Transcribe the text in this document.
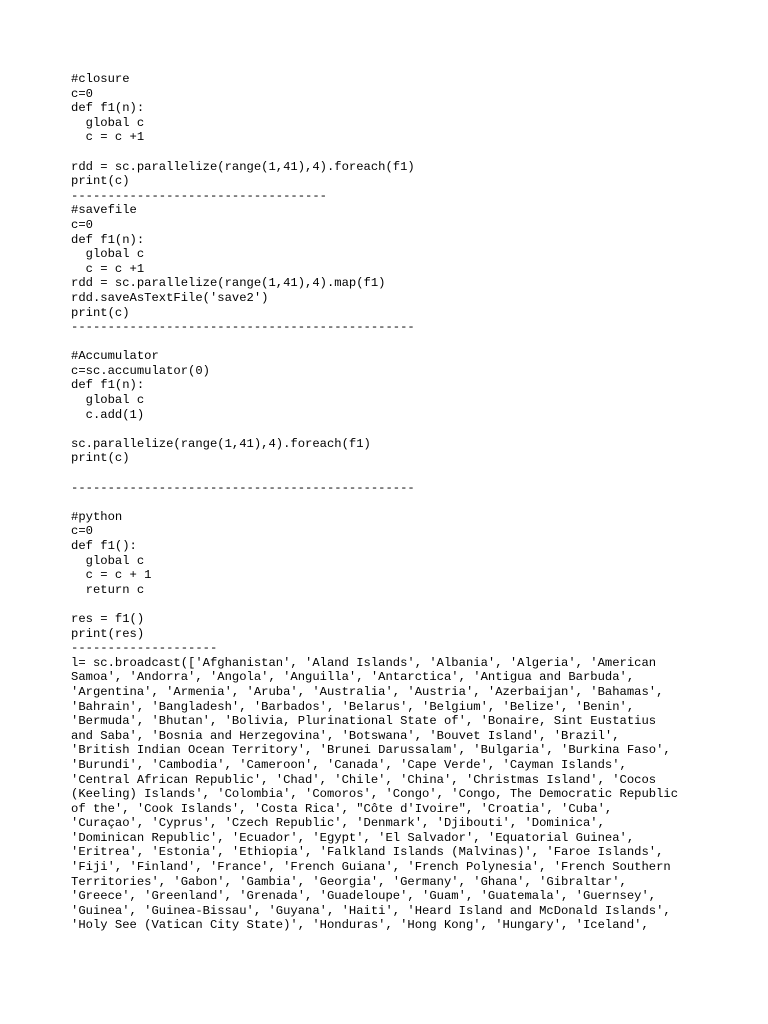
#closure
c=0
def f1(n):
global c
c = c +1
rdd = sc.parallelize(range(1,41),4).foreach(f1)
print(c)
-----------------------------------
#savefile
c=0
def f1(n):
global c
c = c +1
rdd = sc.parallelize(range(1,41),4).map(f1)
rdd.saveAsTextFile('save2')
print(c)
-----------------------------------------------
#Accumulator
c=sc.accumulator(0)
def f1(n):
global c
c.add(1)
sc.parallelize(range(1,41),4).foreach(f1)
print(c)
-----------------------------------------------
#python
c=0
def f1():
global c
c = c + 1
return c
res = f1()
print(res)
--------------------
l= sc.broadcast(['Afghanistan', 'Aland Islands', 'Albania', 'Algeria', 'American
Samoa', 'Andorra', 'Angola', 'Anguilla', 'Antarctica', 'Antigua and Barbuda',
'Argentina', 'Armenia', 'Aruba', 'Australia', 'Austria', 'Azerbaijan', 'Bahamas',
'Bahrain', 'Bangladesh', 'Barbados', 'Belarus', 'Belgium', 'Belize', 'Benin',
'Bermuda', 'Bhutan', 'Bolivia, Plurinational State of', 'Bonaire, Sint Eustatius
and Saba', 'Bosnia and Herzegovina', 'Botswana', 'Bouvet Island', 'Brazil',
'British Indian Ocean Territory', 'Brunei Darussalam', 'Bulgaria', 'Burkina Faso',
'Burundi', 'Cambodia', 'Cameroon', 'Canada', 'Cape Verde', 'Cayman Islands',
'Central African Republic', 'Chad', 'Chile', 'China', 'Christmas Island', 'Cocos
(Keeling) Islands', 'Colombia', 'Comoros', 'Congo', 'Congo, The Democratic Republic
of the', 'Cook Islands', 'Costa Rica', "Côte d'Ivoire", 'Croatia', 'Cuba',
'Curaçao', 'Cyprus', 'Czech Republic', 'Denmark', 'Djibouti', 'Dominica',
'Dominican Republic', 'Ecuador', 'Egypt', 'El Salvador', 'Equatorial Guinea',
'Eritrea', 'Estonia', 'Ethiopia', 'Falkland Islands (Malvinas)', 'Faroe Islands',
'Fiji', 'Finland', 'France', 'French Guiana', 'French Polynesia', 'French Southern
Territories', 'Gabon', 'Gambia', 'Georgia', 'Germany', 'Ghana', 'Gibraltar',
'Greece', 'Greenland', 'Grenada', 'Guadeloupe', 'Guam', 'Guatemala', 'Guernsey',
'Guinea', 'Guinea-Bissau', 'Guyana', 'Haiti', 'Heard Island and McDonald Islands',
'Holy See (Vatican City State)', 'Honduras', 'Hong Kong', 'Hungary', 'Iceland',
